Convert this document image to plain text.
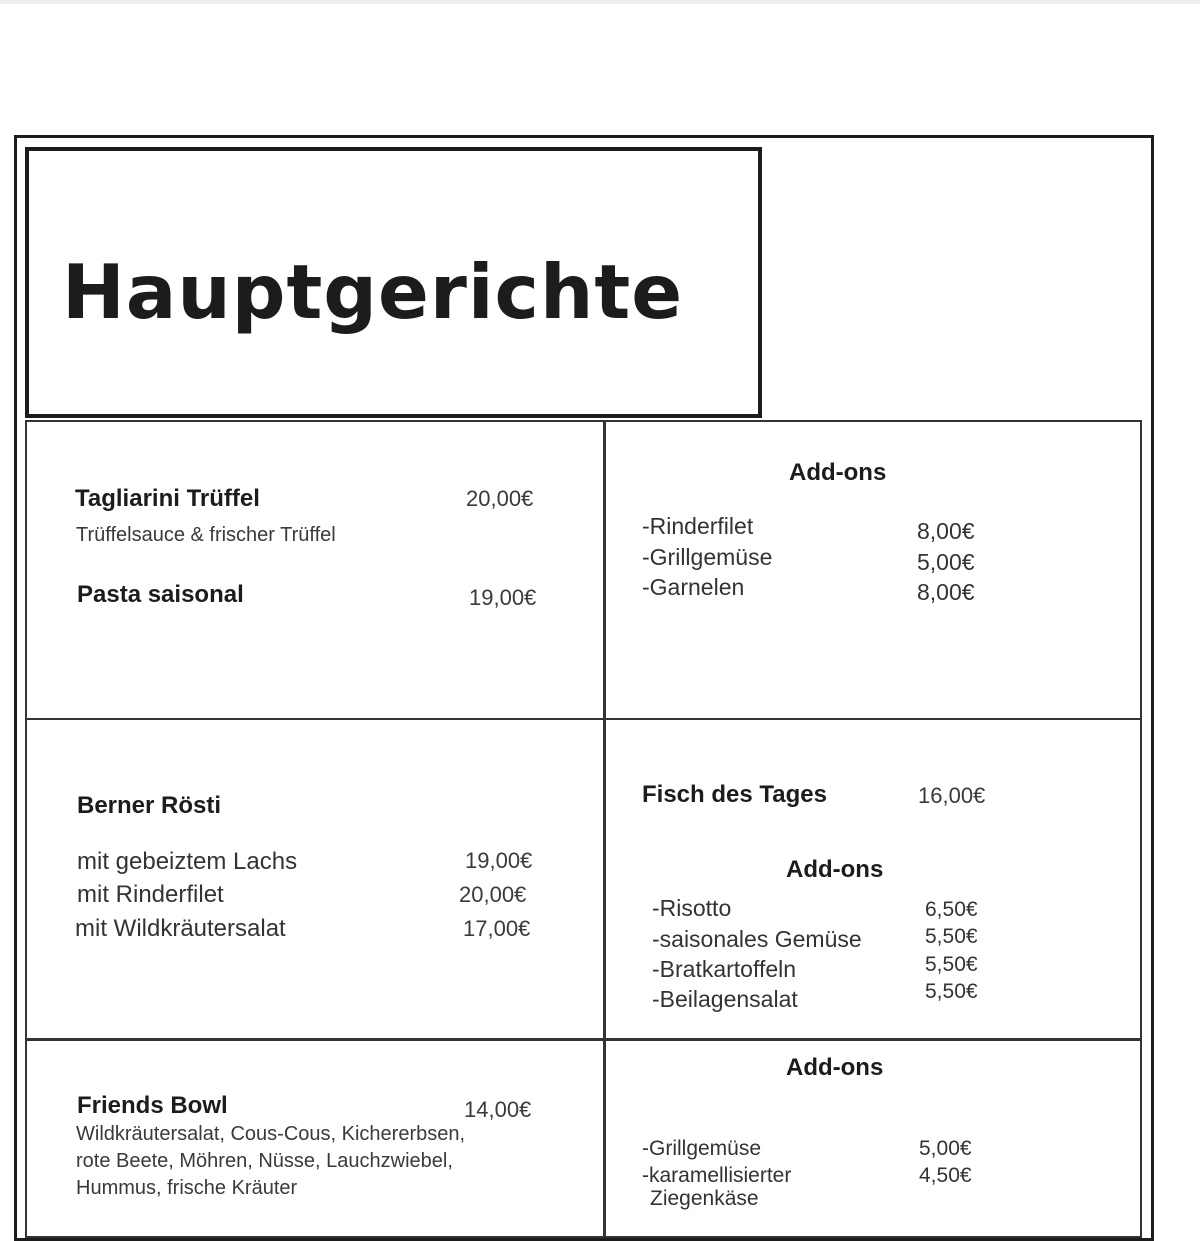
Hauptgerichte
Tagliarini Trüffel	20,00€
Trüffelsauce & frischer Trüffel
Pasta saisonal	19,00€
Add-ons
-Rinderfilet	8,00€
-Grillgemüse	5,00€
-Garnelen	8,00€
Berner Rösti
mit gebeiztem Lachs	19,00€
mit Rinderfilet	20,00€
mit Wildkräutersalat	17,00€
Fisch des Tages	16,00€
Add-ons
-Risotto	6,50€
-saisonales Gemüse	5,50€
-Bratkartoffeln	5,50€
-Beilagensalat	5,50€
Friends Bowl	14,00€
Wildkräutersalat, Cous-Cous, Kichererbsen,
rote Beete, Möhren, Nüsse, Lauchzwiebel,
Hummus, frische Kräuter
Add-ons
-Grillgemüse	5,00€
-karamellisierter	4,50€
Ziegenkäse
